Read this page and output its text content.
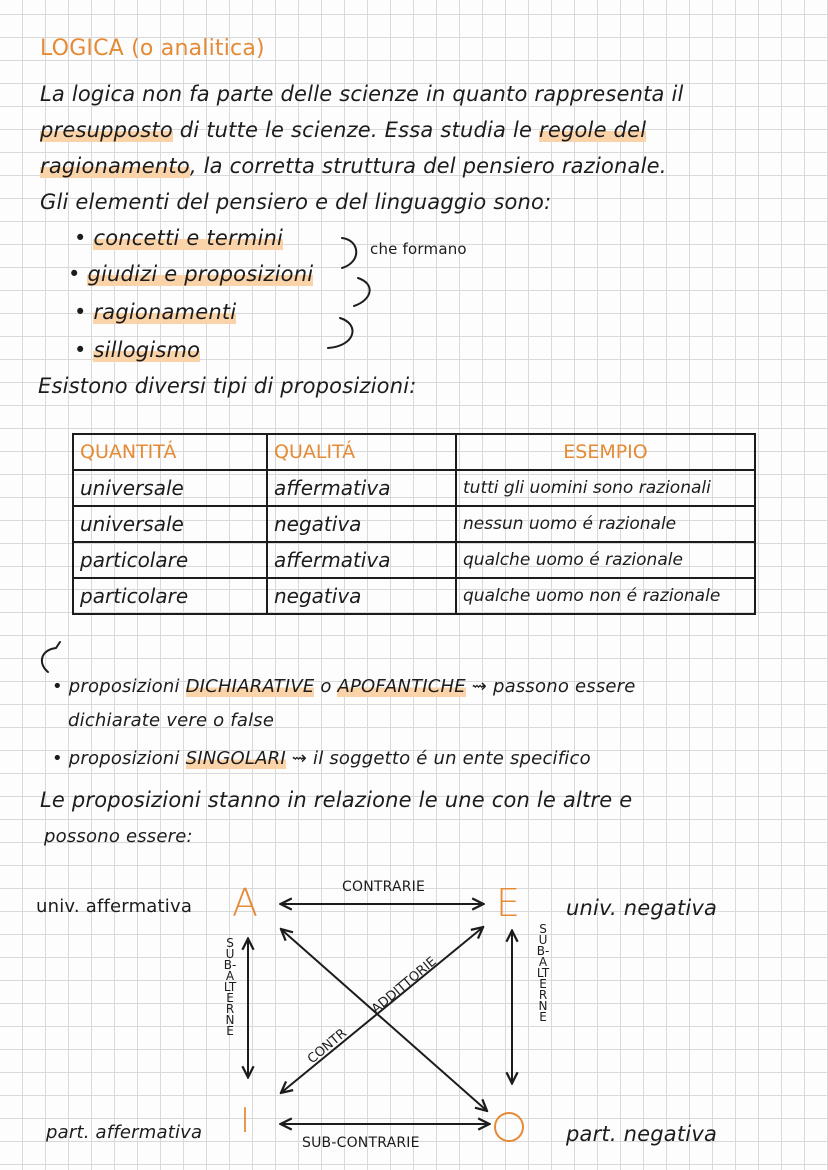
LOGICA (o analitica)
La logica non fa parte delle scienze in quanto rappresenta il
presupposto di tutte le scienze. Essa studia le regole del
ragionamento, la corretta struttura del pensiero razionale.
Gli elementi del pensiero e del linguaggio sono:
• concetti e termini
• giudizi e proposizioni
• ragionamenti
• sillogismo
che formano
Esistono diversi tipi di proposizioni:
QUANTITÁ	QUALITÁ	ESEMPIO
universale	affermativa	tutti gli uomini sono razionali
universale	negativa	nessun uomo é razionale
particolare	affermativa	qualche uomo é razionale
particolare	negativa	qualche uomo non é razionale
• proposizioni DICHIARATIVE o APOFANTICHE ⇝ passono essere
dichiarate vere o false
• proposizioni SINGOLARI ⇝ il soggetto é un ente specifico
Le proposizioni stanno in relazione le une con le altre e
possono essere:
CONTR
ADDITTORIE
A	E
I
univ. affermativa	univ. negativa
part. affermativa	part. negativa
CONTRARIE
SUB-CONTRARIE
SUB-ALTERNE
SUB-ALTERNE
